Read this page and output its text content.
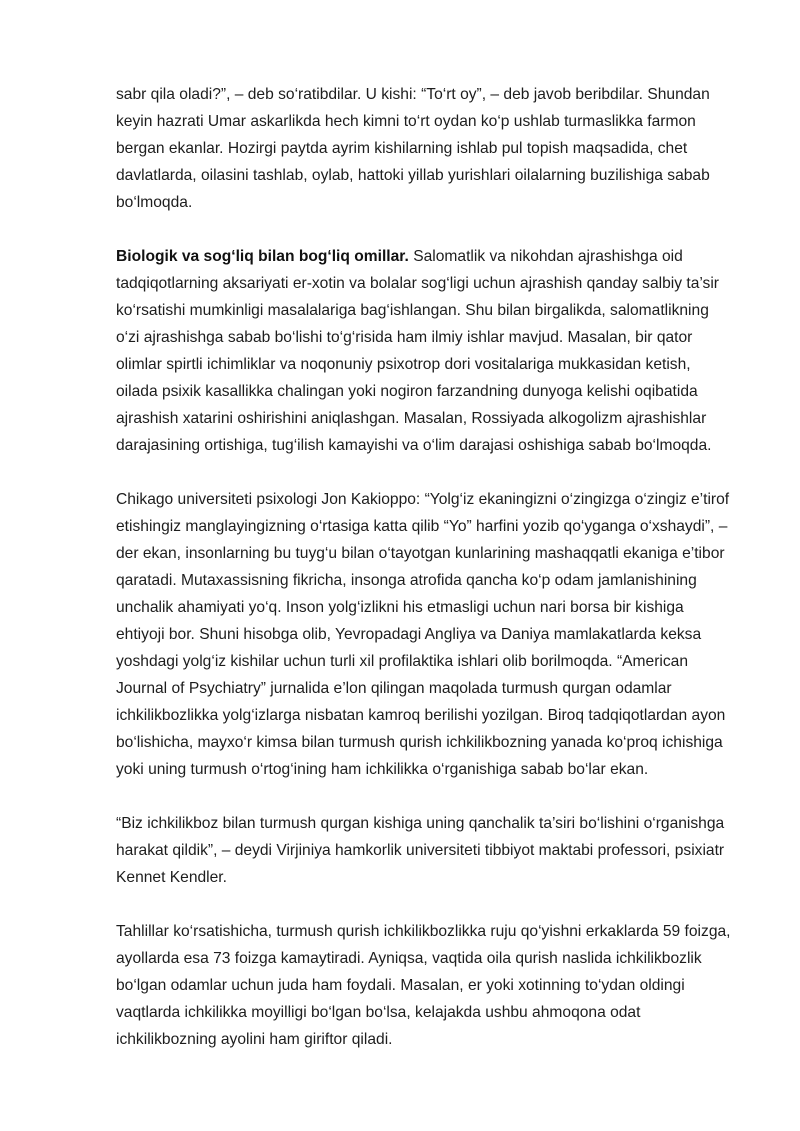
sabr qila oladi?”, – deb so‘ratibdilar. U kishi: “To‘rt oy”, – deb javob beribdilar. Shundan keyin hazrati Umar askarlikda hech kimni to‘rt oydan ko‘p ushlab turmaslikka farmon bergan ekanlar. Hozirgi paytda ayrim kishilarning ishlab pul topish maqsadida, chet davlatlarda, oilasini tashlab, oylab, hattoki yillab yurishlari oilalarning buzilishiga sabab bo‘lmoqda.

Biologik va sog‘liq bilan bog‘liq omillar. Salomatlik va nikohdan ajrashishga oid tadqiqotlarning aksariyati er-xotin va bolalar sog‘ligi uchun ajrashish qanday salbiy ta’sir ko‘rsatishi mumkinligi masalalariga bag‘ishlangan. Shu bilan birgalikda, salomatlikning o‘zi ajrashishga sabab bo‘lishi to‘g‘risida ham ilmiy ishlar mavjud. Masalan, bir qator olimlar spirtli ichimliklar va noqonuniy psixotrop dori vositalariga mukkasidan ketish, oilada psixik kasallikka chalingan yoki nogiron farzandning dunyoga kelishi oqibatida ajrashish xatarini oshirishini aniqlashgan. Masalan, Rossiyada alkogolizm ajrashishlar darajasining ortishiga, tug‘ilish kamayishi va o‘lim darajasi oshishiga sabab bo‘lmoqda.

Chikago universiteti psixologi Jon Kakioppo: “Yolg‘iz ekaningizni o‘zingizga o‘zingiz e’tirof etishingiz manglayingizning o‘rtasiga katta qilib “Yo” harfini yozib qo‘yganga o‘xshaydi”, – der ekan, insonlarning bu tuyg‘u bilan o‘tayotgan kunlarining mashaqqatli ekaniga e’tibor qaratadi. Mutaxassisning fikricha, insonga atrofida qancha ko‘p odam jamlanishining unchalik ahamiyati yo‘q. Inson yolg‘izlikni his etmasligi uchun nari borsa bir kishiga ehtiyoji bor. Shuni hisobga olib, Yevropadagi Angliya va Daniya mamlakatlarda keksa yoshdagi yolg‘iz kishilar uchun turli xil profilaktika ishlari olib borilmoqda. “American Journal of Psychiatry” jurnalida e’lon qilingan maqolada turmush qurgan odamlar ichkilikbozlikka yolg‘izlarga nisbatan kamroq berilishi yozilgan. Biroq tadqiqotlardan ayon bo‘lishicha, mayxo‘r kimsa bilan turmush qurish ichkilikbozning yanada ko‘proq ichishiga yoki uning turmush o‘rtog‘ining ham ichkilikka o‘rganishiga sabab bo‘lar ekan.

“Biz ichkilikboz bilan turmush qurgan kishiga uning qanchalik ta’siri bo‘lishini o‘rganishga harakat qildik”, – deydi Virjiniya hamkorlik universiteti tibbiyot maktabi professori, psixiatr Kennet Kendler.

Tahlillar ko‘rsatishicha, turmush qurish ichkilikbozlikka ruju qo‘yishni erkaklarda 59 foizga, ayollarda esa 73 foizga kamaytiradi. Ayniqsa, vaqtida oila qurish naslida ichkilikbozlik bo‘lgan odamlar uchun juda ham foydali. Masalan, er yoki xotinning to‘ydan oldingi vaqtlarda ichkilikka moyilligi bo‘lgan bo‘lsa, kelajakda ushbu ahmoqona odat ichkilikbozning ayolini ham giriftor qiladi.
